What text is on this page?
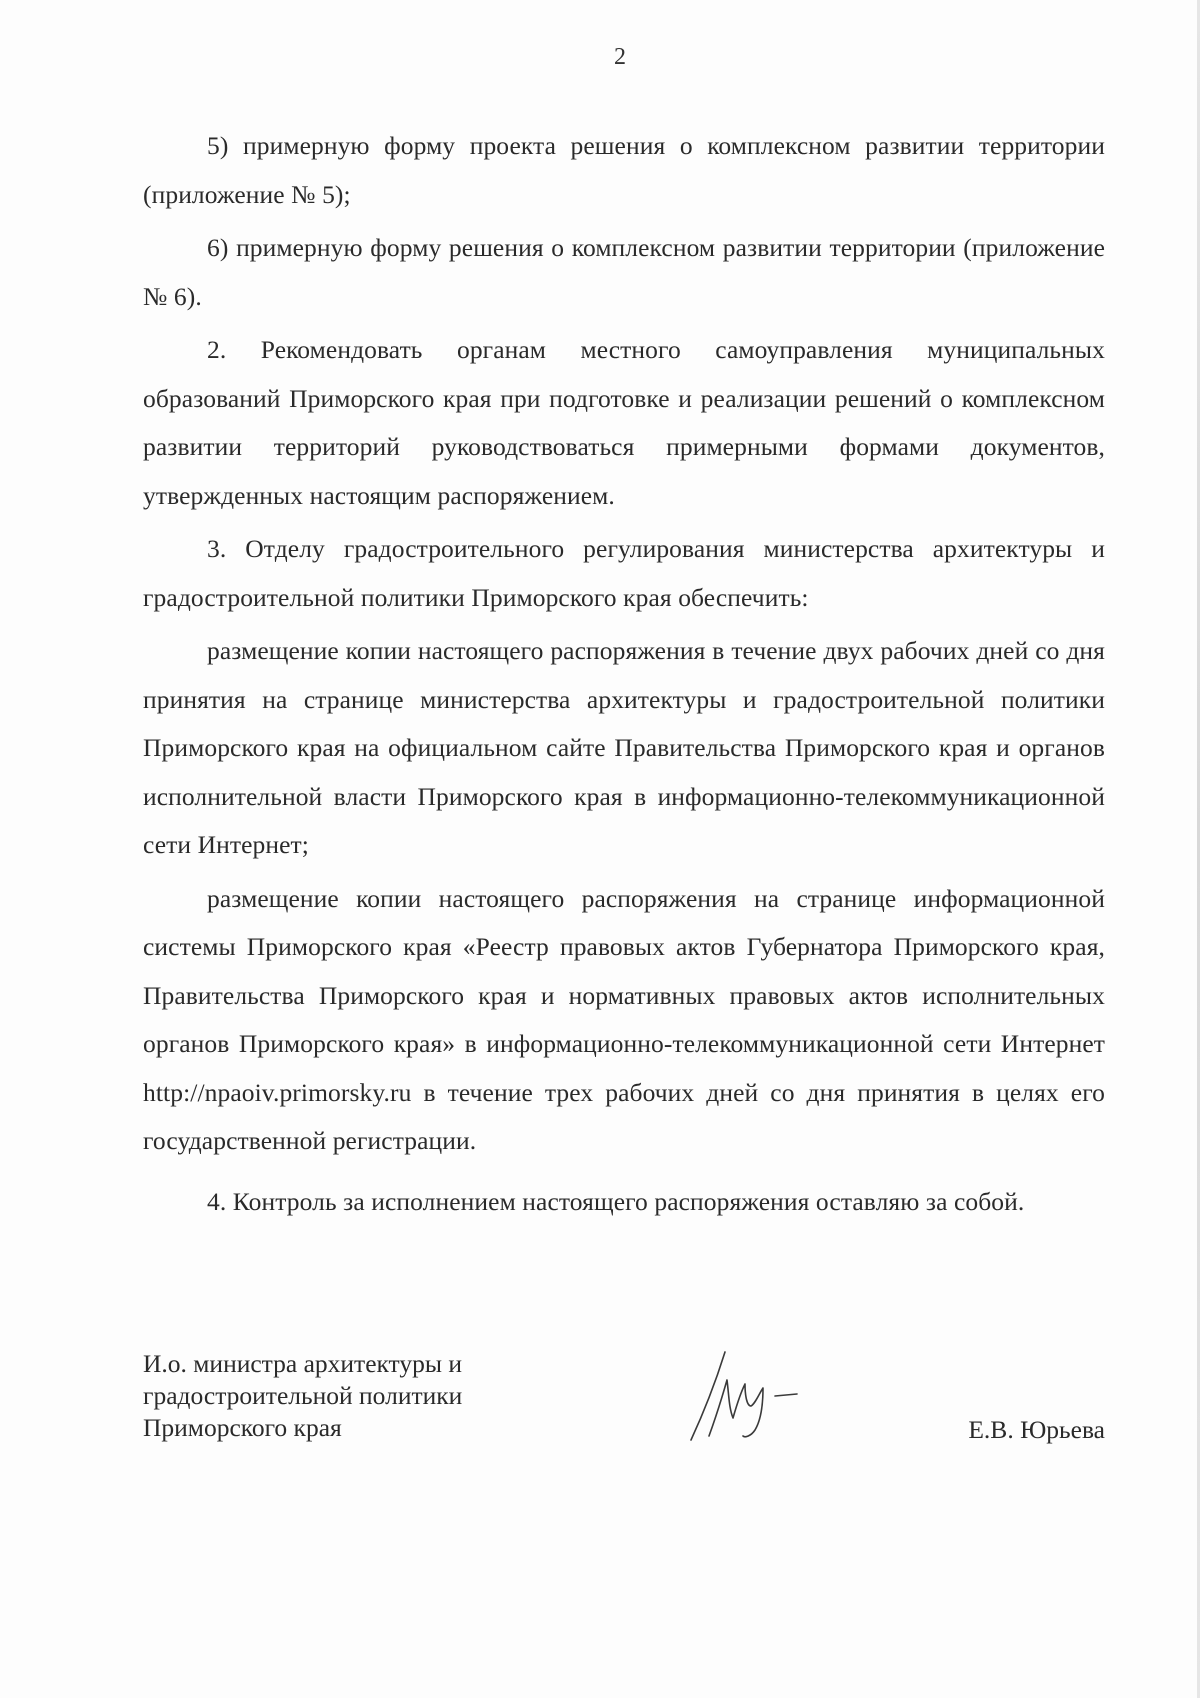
2

5) примерную форму проекта решения о комплексном развитии территории (приложение № 5);

6) примерную форму решения о комплексном развитии территории (приложение № 6).

2. Рекомендовать органам местного самоуправления муниципальных образований Приморского края при подготовке и реализации решений о комплексном развитии территорий руководствоваться примерными формами документов, утвержденных настоящим распоряжением.

3. Отделу градостроительного регулирования министерства архитектуры и градостроительной политики Приморского края обеспечить:

размещение копии настоящего распоряжения в течение двух рабочих дней со дня принятия на странице министерства архитектуры и градостроительной политики Приморского края на официальном сайте Правительства Приморского края и органов исполнительной власти Приморского края в информационно-телекоммуникационной сети Интернет;

размещение копии настоящего распоряжения на странице информационной системы Приморского края «Реестр правовых актов Губернатора Приморского края, Правительства Приморского края и нормативных правовых актов исполнительных органов Приморского края» в информационно-телекоммуникационной сети Интернет http://npaoiv.primorsky.ru в течение трех рабочих дней со дня принятия в целях его государственной регистрации.

4. Контроль за исполнением настоящего распоряжения оставляю за собой.

И.о. министра архитектуры и
градостроительной политики
Приморского края	Е.В. Юрьева
